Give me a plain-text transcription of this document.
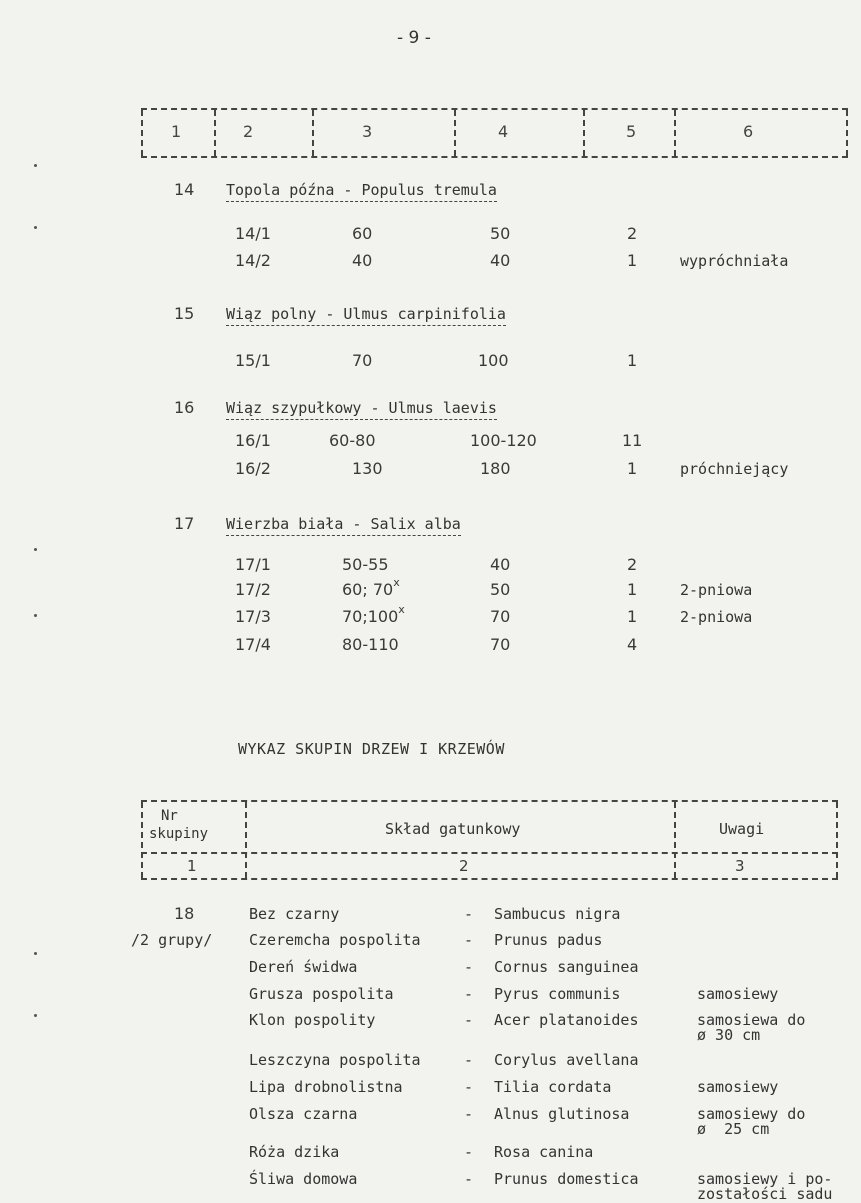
- 9 -
1	2	3	4	5	6
14 Topola późna - Populus tremula
14/1	60	50	2
14/2	40	40	1	wypróchniała
15 Wiąz polny - Ulmus carpinifolia
15/1	70	100	1
16 Wiąz szypułkowy - Ulmus laevis
16/1	60-80	100-120	11
16/2	130	180	1	próchniejący
17 Wierzba biała - Salix alba
17/1	50-55	40	2
17/2	60; 70$^x$	50	1	2-pniowa
17/3	70;100$^x$	70	1	2-pniowa
17/4	80-110	70	4
WYKAZ SKUPIN DRZEW I KRZEWÓW
Nr
skupiny	Skład gatunkowy	Uwagi
1	2	3
18
/2 grupy/
Bez czarny	- Sambucus nigra
Czeremcha pospolita	- Prunus padus
Dereń świdwa	- Cornus sanguinea
Grusza pospolita	- Pyrus communis	samosiewy
Klon pospolity	- Acer platanoides	samosiewa do
ø 30 cm
Leszczyna pospolita	- Corylus avellana
Lipa drobnolistna	- Tilia cordata	samosiewy
Olsza czarna	- Alnus glutinosa	samosiewy do
ø  25 cm
Róża dzika	- Rosa canina
Śliwa domowa	- Prunus domestica	samosiewy i po-
zostałości sadu
